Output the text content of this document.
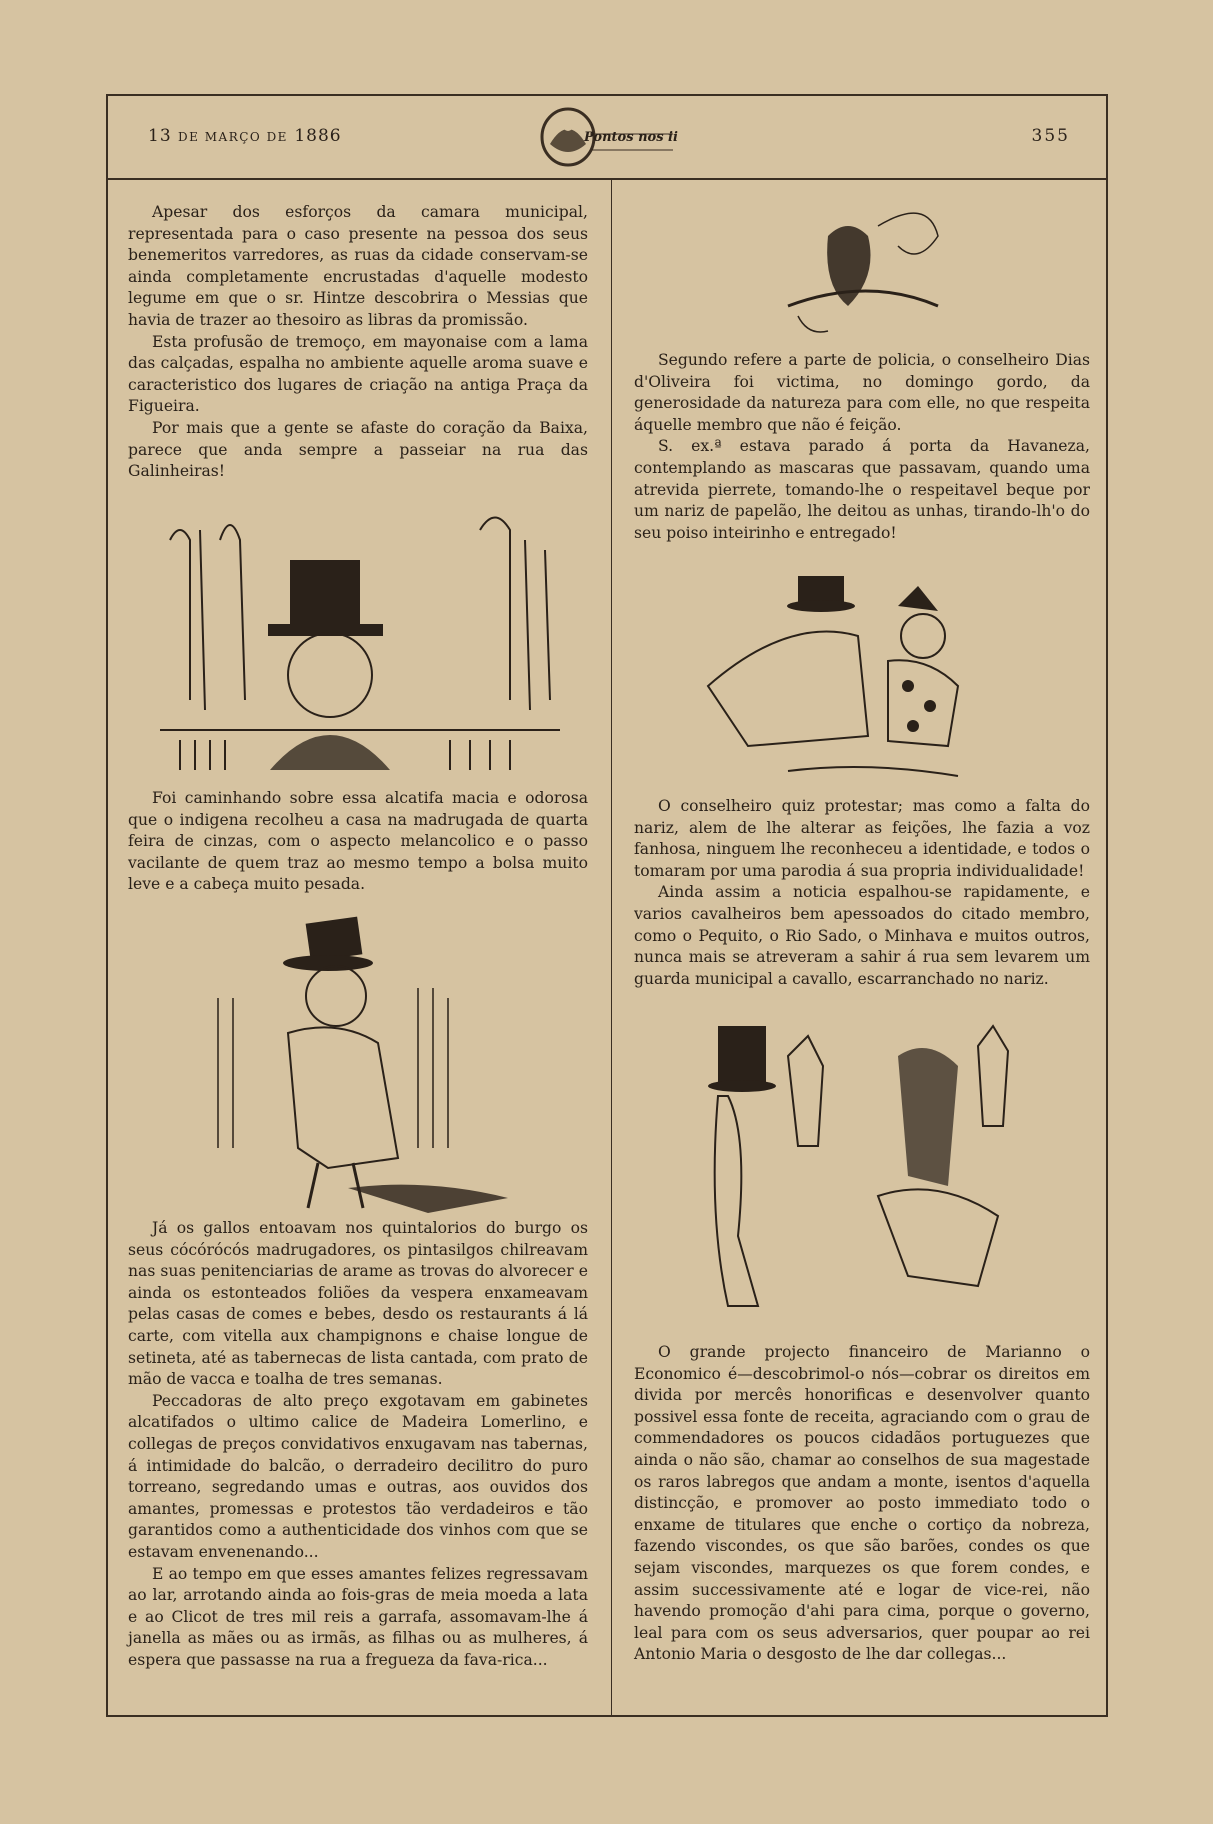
13 DE MARÇO DE 1886	Pontos nos ii	355

Apesar dos esforços da camara municipal, representada para o caso presente na pessoa dos seus benemeritos varredores, as ruas da cidade conservam-se ainda completamente encrustadas d'aquelle modesto legume em que o sr. Hintze descobrira o Messias que havia de trazer ao thesoiro as libras da promissão.

Esta profusão de tremoço, em mayonaise com a lama das calçadas, espalha no ambiente aquelle aroma suave e caracteristico dos lugares de criação na antiga Praça da Figueira.

Por mais que a gente se afaste do coração da Baixa, parece que anda sempre a passeiar na rua das Galinheiras!

Foi caminhando sobre essa alcatifa macia e odorosa que o indigena recolheu a casa na madrugada de quarta feira de cinzas, com o aspecto melancolico e o passo vacilante de quem traz ao mesmo tempo a bolsa muito leve e a cabeça muito pesada.

Já os gallos entoavam nos quintalorios do burgo os seus cócórócós madrugadores, os pintasilgos chilreavam nas suas penitenciarias de arame as trovas do alvorecer e ainda os estonteados foliões da vespera enxameavam pelas casas de comes e bebes, desdo os restaurants á lá carte, com vitella aux champignons e chaise longue de setineta, até as tabernecas de lista cantada, com prato de mão de vacca e toalha de tres semanas.

Peccadoras de alto preço exgotavam em gabinetes alcatifados o ultimo calice de Madeira Lomerlino, e collegas de preços convidativos enxugavam nas tabernas, á intimidade do balcão, o derradeiro decilitro do puro torreano, segredando umas e outras, aos ouvidos dos amantes, promessas e protestos tão verdadeiros e tão garantidos como a authenticidade dos vinhos com que se estavam envenenando...

E ao tempo em que esses amantes felizes regressavam ao lar, arrotando ainda ao fois-gras de meia moeda a lata e ao Clicot de tres mil reis a garrafa, assomavam-lhe á janella as mães ou as irmãs, as filhas ou as mulheres, á espera que passasse na rua a fregueza da fava-rica...

Segundo refere a parte de policia, o conselheiro Dias d'Oliveira foi victima, no domingo gordo, da generosidade da natureza para com elle, no que respeita áquelle membro que não é feição.

S. ex.ª estava parado á porta da Havaneza, contemplando as mascaras que passavam, quando uma atrevida pierrete, tomando-lhe o respeitavel beque por um nariz de papelão, lhe deitou as unhas, tirando-lh'o do seu poiso inteirinho e entregado!

O conselheiro quiz protestar; mas como a falta do nariz, alem de lhe alterar as feições, lhe fazia a voz fanhosa, ninguem lhe reconheceu a identidade, e todos o tomaram por uma parodia á sua propria individualidade!

Ainda assim a noticia espalhou-se rapidamente, e varios cavalheiros bem apessoados do citado membro, como o Pequito, o Rio Sado, o Minhava e muitos outros, nunca mais se atreveram a sahir á rua sem levarem um guarda municipal a cavallo, escarranchado no nariz.

O grande projecto financeiro de Marianno o Economico é—descobrimol-o nós—cobrar os direitos em divida por mercês honorificas e desenvolver quanto possivel essa fonte de receita, agraciando com o grau de commendadores os poucos cidadãos portuguezes que ainda o não são, chamar ao conselhos de sua magestade os raros labregos que andam a monte, isentos d'aquella distincção, e promover ao posto immediato todo o enxame de titulares que enche o cortiço da nobreza, fazendo viscondes, os que são barões, condes os que sejam viscondes, marquezes os que forem condes, e assim successivamente até e logar de vice-rei, não havendo promoção d'ahi para cima, porque o governo, leal para com os seus adversarios, quer poupar ao rei Antonio Maria o desgosto de lhe dar collegas...
